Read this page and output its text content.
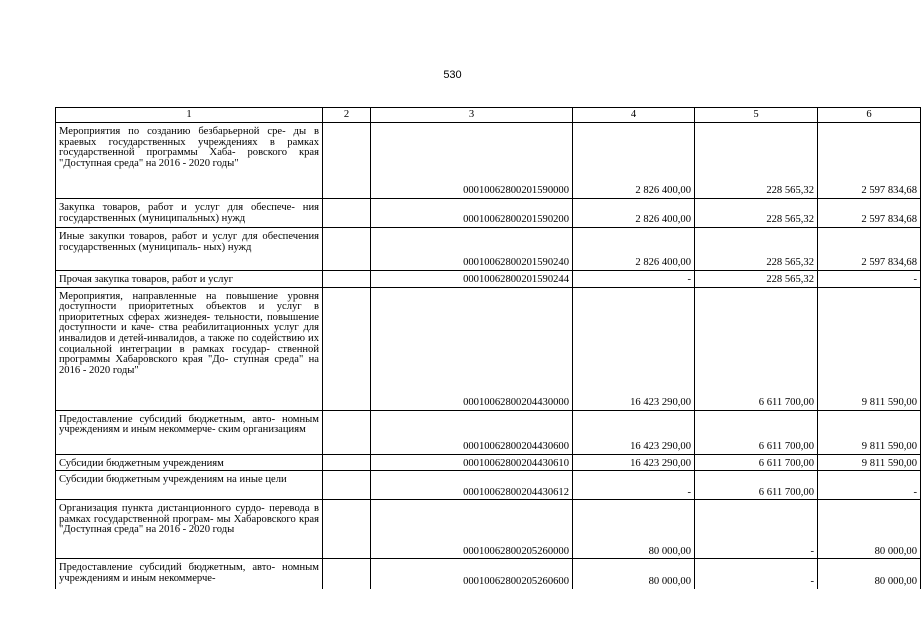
530
1	2	3	4	5	6
Мероприятия по созданию безбарьерной сре- ды в краевых государственных учреждениях в рамках государственной программы Хаба- ровского края "Доступная среда" на 2016 - 2020 годы"		00010062800201590000	2 826 400,00	228 565,32	2 597 834,68
Закупка товаров, работ и услуг для обеспече- ния государственных (муниципальных) нужд		00010062800201590200	2 826 400,00	228 565,32	2 597 834,68
Иные закупки товаров, работ и услуг для обеспечения государственных (муниципаль- ных) нужд		00010062800201590240	2 826 400,00	228 565,32	2 597 834,68
Прочая закупка товаров, работ и услуг		00010062800201590244	-	228 565,32	-
Мероприятия, направленные на повышение уровня доступности приоритетных объектов и услуг в приоритетных сферах жизнедея- тельности, повышение доступности и каче- ства реабилитационных услуг для инвалидов и детей-инвалидов, а также по содействию их социальной интеграции в рамках государ- ственной программы Хабаровского края "До- ступная среда" на 2016 - 2020 годы"		00010062800204430000	16 423 290,00	6 611 700,00	9 811 590,00
Предоставление субсидий бюджетным, авто- номным учреждениям и иным некоммерче- ским организациям		00010062800204430600	16 423 290,00	6 611 700,00	9 811 590,00
Субсидии бюджетным учреждениям		00010062800204430610	16 423 290,00	6 611 700,00	9 811 590,00
Субсидии бюджетным учреждениям на иные цели		00010062800204430612	-	6 611 700,00	-
Организация пункта дистанционного сурдо- перевода в рамках государственной програм- мы Хабаровского края "Доступная среда" на 2016 - 2020 годы		00010062800205260000	80 000,00	-	80 000,00
Предоставление субсидий бюджетным, авто- номным учреждениям и иным некоммерче-		00010062800205260600	80 000,00	-	80 000,00
